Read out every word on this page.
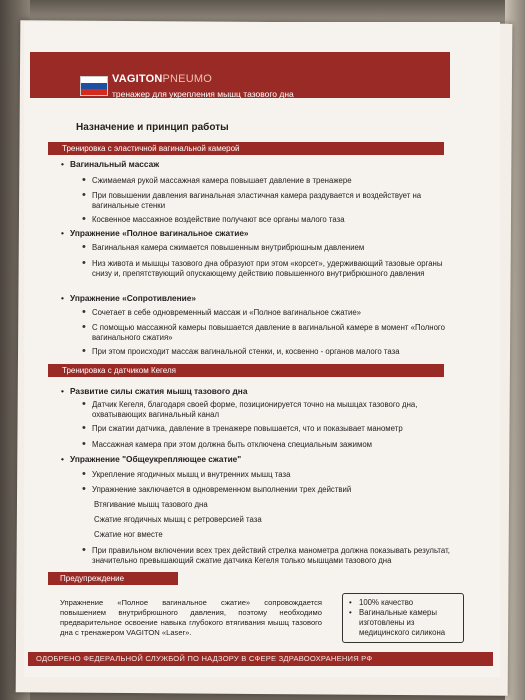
VAGITONPNEUMO
тренажер для укрепления мышц тазового дна
Назначение и принцип работы
Тренировка с эластичной вагинальной камерой
• Вагинальный массаж
• Сжимаемая рукой массажная камера повышает давление в тренажере
• При повышении давления вагинальная эластичная камера раздувается и воздействует на вагинальные стенки
• Косвенное массажное воздействие получают все органы малого таза
• Упражнение «Полное вагинальное сжатие»
• Вагинальная камера сжимается повышенным внутрибрюшным давлением
• Низ живота и мышцы тазового дна образуют при этом «корсет», удерживающий тазовые органы снизу и, препятствующий опускающему действию повышенного внутрибрюшного давления
• Упражнение «Сопротивление»
• Сочетает в себе одновременный массаж и «Полное вагинальное сжатие»
• С помощью массажной камеры повышается давление в вагинальной камере в момент «Полного вагинального сжатия»
• При этом происходит массаж вагинальной стенки, и, косвенно - органов малого таза
Тренировка с датчиком Кегеля
• Развитие силы сжатия мышц тазового дна
• Датчик Кегеля, благодаря своей форме, позиционируется точно на мышцах тазового дна, охватывающих вагинальный канал
• При сжатии датчика, давление в тренажере повышается, что и показывает манометр
• Массажная камера при этом должна быть отключена специальным зажимом
• Упражнение "Общеукрепляющее сжатие"
• Укрепление ягодичных мышц и внутренних мышц таза
• Упражнение заключается в одновременном выполнении трех действий
Втягивание мышц тазового дна
Сжатие ягодичных мышц с ретроверсией таза
Сжатие ног вместе
• При правильном включении всех трех действий стрелка манометра должна показывать результат, значительно превышающий сжатие датчика Кегеля только мышцами тазового дна
Предупреждение
Упражнение «Полное вагинальное сжатие» сопровождается повышением внутрибрюшного давления, поэтому необходимо предварительное освоение навыка глубокого втягивания мышц тазового дна с тренажером VAGITON «Laser».
• 100% качество
• Вагинальные камеры изготовлены из медицинского силикона
ОДОБРЕНО ФЕДЕРАЛЬНОЙ СЛУЖБОЙ ПО НАДЗОРУ В СФЕРЕ ЗДРАВООХРАНЕНИЯ РФ
